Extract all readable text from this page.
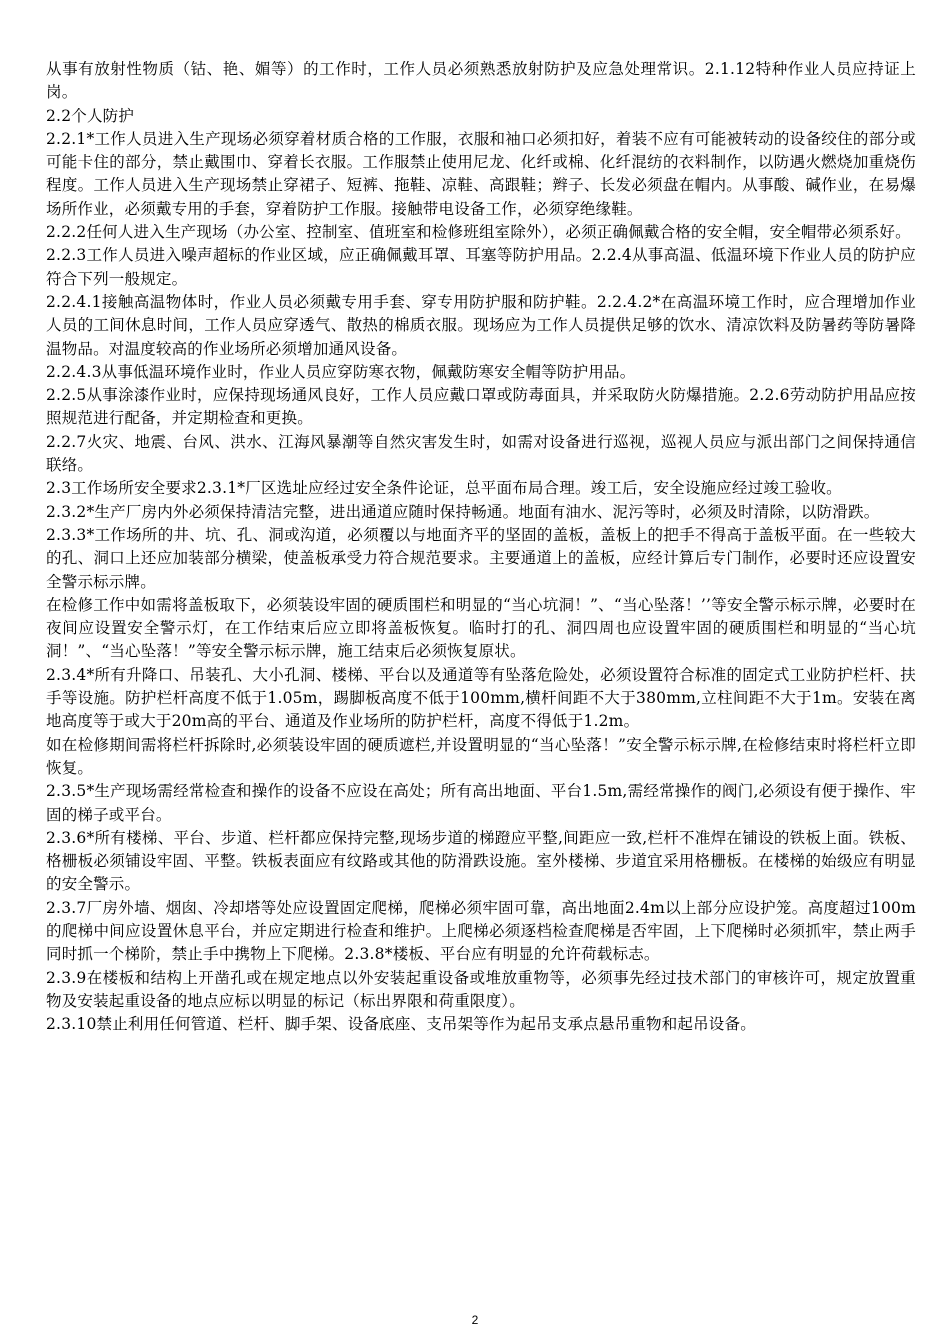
从事有放射性物质（钴、艳、媚等）的工作时，工作人员必须熟悉放射防护及应急处理常识。2.1.12特种作业人员应持证上岗。

2.2个人防护

2.2.1*工作人员进入生产现场必须穿着材质合格的工作服，衣服和袖口必须扣好，着装不应有可能被转动的设备绞住的部分或可能卡住的部分，禁止戴围巾、穿着长衣服。工作服禁止使用尼龙、化纤或棉、化纤混纺的衣料制作，以防遇火燃烧加重烧伤程度。工作人员进入生产现场禁止穿裙子、短裤、拖鞋、凉鞋、高跟鞋；辫子、长发必须盘在帽内。从事酸、碱作业，在易爆场所作业，必须戴专用的手套，穿着防护工作服。接触带电设备工作，必须穿绝缘鞋。

2.2.2任何人进入生产现场（办公室、控制室、值班室和检修班组室除外），必须正确佩戴合格的安全帽，安全帽带必须系好。

2.2.3工作人员进入噪声超标的作业区域，应正确佩戴耳罩、耳塞等防护用品。2.2.4从事高温、低温环境下作业人员的防护应符合下列一般规定。

2.2.4.1接触高温物体时，作业人员必须戴专用手套、穿专用防护服和防护鞋。2.2.4.2*在高温环境工作时，应合理增加作业人员的工间休息时间，工作人员应穿透气、散热的棉质衣服。现场应为工作人员提供足够的饮水、清凉饮料及防暑药等防暑降温物品。对温度较高的作业场所必须增加通风设备。

2.2.4.3从事低温环境作业时，作业人员应穿防寒衣物，佩戴防寒安全帽等防护用品。

2.2.5从事涂漆作业时，应保持现场通风良好，工作人员应戴口罩或防毒面具，并采取防火防爆措施。2.2.6劳动防护用品应按照规范进行配备，并定期检查和更换。

2.2.7火灾、地震、台风、洪水、江海风暴潮等自然灾害发生时，如需对设备进行巡视，巡视人员应与派出部门之间保持通信联络。

2.3工作场所安全要求2.3.1*厂区选址应经过安全条件论证，总平面布局合理。竣工后，安全设施应经过竣工验收。

2.3.2*生产厂房内外必须保持清洁完整，进出通道应随时保持畅通。地面有油水、泥污等时，必须及时清除，以防滑跌。

2.3.3*工作场所的井、坑、孔、洞或沟道，必须覆以与地面齐平的坚固的盖板，盖板上的把手不得高于盖板平面。在一些较大的孔、洞口上还应加装部分横梁，使盖板承受力符合规范要求。主要通道上的盖板，应经计算后专门制作，必要时还应设置安全警示标示牌。

在检修工作中如需将盖板取下，必须装设牢固的硬质围栏和明显的“当心坑洞！”、“当心坠落！’’等安全警示标示牌，必要时在夜间应设置安全警示灯，在工作结束后应立即将盖板恢复。临时打的孔、洞四周也应设置牢固的硬质围栏和明显的“当心坑洞！”、“当心坠落！”等安全警示标示牌，施工结束后必须恢复原状。

2.3.4*所有升降口、吊装孔、大小孔洞、楼梯、平台以及通道等有坠落危险处，必须设置符合标准的固定式工业防护栏杆、扶手等设施。防护栏杆高度不低于1.05m，踢脚板高度不低于100mm,横杆间距不大于380mm,立柱间距不大于1m。安装在离地高度等于或大于20m高的平台、通道及作业场所的防护栏杆，高度不得低于1.2m。

如在检修期间需将栏杆拆除时,必须装设牢固的硬质遮栏,并设置明显的“当心坠落！”安全警示标示牌,在检修结束时将栏杆立即恢复。

2.3.5*生产现场需经常检查和操作的设备不应设在高处；所有高出地面、平台1.5m,需经常操作的阀门,必须设有便于操作、牢固的梯子或平台。

2.3.6*所有楼梯、平台、步道、栏杆都应保持完整,现场步道的梯蹬应平整,间距应一致,栏杆不准焊在铺设的铁板上面。铁板、格栅板必须铺设牢固、平整。铁板表面应有纹路或其他的防滑跌设施。室外楼梯、步道宜采用格栅板。在楼梯的始级应有明显的安全警示。

2.3.7厂房外墙、烟囱、冷却塔等处应设置固定爬梯，爬梯必须牢固可靠，高出地面2.4m以上部分应设护笼。高度超过100m的爬梯中间应设置休息平台，并应定期进行检查和维护。上爬梯必须逐档检查爬梯是否牢固，上下爬梯时必须抓牢，禁止两手同时抓一个梯阶，禁止手中携物上下爬梯。2.3.8*楼板、平台应有明显的允许荷载标志。

2.3.9在楼板和结构上开凿孔或在规定地点以外安装起重设备或堆放重物等，必须事先经过技术部门的审核许可，规定放置重物及安装起重设备的地点应标以明显的标记（标出界限和荷重限度）。

2.3.10禁止利用任何管道、栏杆、脚手架、设备底座、支吊架等作为起吊支承点悬吊重物和起吊设备。

2
